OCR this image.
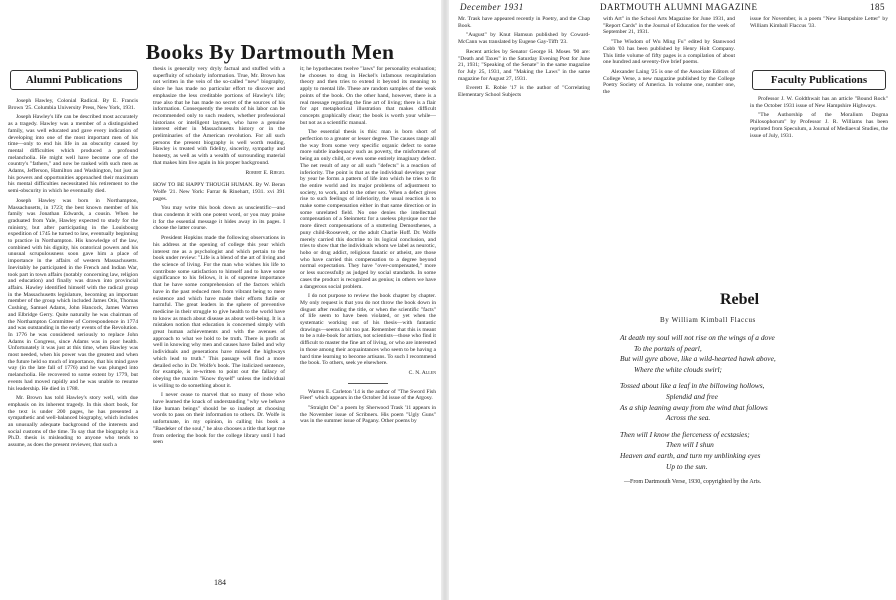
Books By Dartmouth Men
Alumni Publications

Joseph Hawley, Colonial Radical. By E. Francis Brown '25. Columbia University Press, New York, 1931.

Joseph Hawley's life can be described most accurately as a tragedy. Hawley was a member of a distinguished family, was well educated and gave every indication of developing into one of the most important men of his time—only to end his life in an obscurity caused by mental difficulties which produced a profound melancholia. He might well have become one of the country's "fathers," and now be ranked with such men as Adams, Jefferson, Hamilton and Washington, but just as his powers and opportunities approached their maximum his mental difficulties necessitated his retirement to the semi-obscurity in which he eventually died.

Joseph Hawley was born in Northampton, Massachusetts, in 1723; the best known member of his family was Jonathan Edwards, a cousin. When he graduated from Yale, Hawley expected to study for the ministry, but after participating in the Louisbourg expedition of 1745 he turned to law, eventually beginning to practice in Northampton. His knowledge of the law, combined with his dignity, his oratorical powers and his unusual scrupulousness soon gave him a place of importance in the affairs of western Massachusetts. Inevitably he participated in the French and Indian War, took part in town affairs (notably concerning law, religion and education) and finally was drawn into provincial affairs. Hawley identified himself with the radical group in the Massachusetts legislature, becoming an important member of the group which included James Otis, Thomas Cushing, Samuel Adams, John Hancock, James Warren and Elbridge Gerry. Quite naturally he was chairman of the Northampton Committee of Correspondence in 1774 and was outstanding in the early events of the Revolution. In 1776 he was considered seriously to replace John Adams in Congress, since Adams was in poor health. Unfortunately it was just at this time, when Hawley was most needed, when his power was the greatest and when the future held so much of importance, that his mind gave way (in the late fall of 1776) and he was plunged into melancholia. He recovered to some extent by 1779, but events had moved rapidly and he was unable to resume his leadership. He died in 1788.

Mr. Brown has told Hawley's story well, with due emphasis on its inherent tragedy. In this short book, for the text is under 200 pages, he has presented a sympathetic and well-balanced biography, which includes an unusually adequate background of the interests and social customs of the time. To say that the biography is a Ph.D. thesis is misleading to anyone who tends to assume, as does the present reviewer, that such a

thesis is generally very dryly factual and stuffed with a superfluity of scholarly information. True, Mr. Brown has not written in the vein of the so-called "new" biography, since he has made no particular effort to discover and emphasize the less creditable portions of Hawley's life; true also that he has made no secret of the sources of his information. Consequently the results of his labor can be recommended only to such readers, whether professional historians or intelligent laymen, who have a genuine interest either in Massachusetts history or in the preliminaries of the American revolution. For all such persons the present biography is well worth reading. Hawley is treated with fidelity, sincerity, sympathy and honesty, as well as with a wealth of surrounding material that makes him live again in his proper background.

Robert E. Riegel

HOW TO BE HAPPY THOUGH HUMAN. By W. Beran Wolfe '21. New York: Farrar & Rinehart, 1931. xvi 391 pages.

You may write this book down as unscientific—and thus condemn it with one potent word, or you may praise it for the essential message it hides away in its pages. I choose the latter course.

President Hopkins made the following observations in his address at the opening of college this year which interest me as a psychologist and which pertain to the book under review: "Life is a blend of the art of living and the science of living. For the man who wishes his life to contribute some satisfaction to himself and to have some significance to his fellows, it is of supreme importance that he have some comprehension of the factors which have in the past reduced men from vibrant being to mere existence and which have made their efforts futile or harmful. The great leaders in the sphere of preventive medicine in their struggle to give health to the world have to know as much about disease as about well-being. It is a mistaken notion that education is concerned simply with great human achievements and with the avenues of approach to what we hold to be truth. There is profit as well in knowing why men and causes have failed and why individuals and generations have missed the highways which lead to truth." This passage will find a more detailed echo in Dr. Wolfe's book. The italicized sentence, for example, is re-written to point out the fallacy of obeying the maxim "Know thyself" unless the individual is willing to do something about it.

I never cease to marvel that so many of those who have learned the knack of understanding "why we behave like human beings" should be so inadept at choosing words to pass on their information to others. Dr. Wolfe is unfortunate, in my opinion, in calling his book a "Baedeker of the soul," he also chooses a title that kept me from ordering the book for the college library until I had seen

it; he hypothecates twelve "laws" for personality evaluation; he chooses to drag in Heckel's infamous recapitulation theory and then tries to extend it beyond its meaning to apply to mental life. These are random samples of the weak points of the book. On the other hand, however, there is a real message regarding the fine art of living; there is a flair for apt metaphorical illustration that makes difficult concepts graphically clear; the book is worth your while—but not as a scientific manual.

The essential thesis is this: man is born short of perfection to a greater or lesser degree. The causes range all the way from some very specific organic defect to some more subtle inadequacy such as poverty, the misfortunes of being an only child, or even some entirely imaginary defect. The net result of any or all such "defects" is a reaction of inferiority. The point is that as the individual develops year by year he forms a pattern of life into which he tries to fit the entire world and its major problems of adjustment to society, to work, and to the other sex. When a defect gives rise to such feelings of inferiority, the usual reaction is to make some compensation either in that same direction or in some unrelated field. No one denies the intellectual compensation of a Steinmetz for a useless physique nor the more direct compensations of a stuttering Demosthenes, a puny child-Roosevelt, or the adult Charlie Hoff. Dr. Wolfe merely carried this doctrine to its logical conclusion, and tries to show that the individuals whom we label as neurotic, hobo or drug addict, religious fanatic or atheist, are those who have carried this compensation to a degree beyond normal expectation. They have "over-compensated," more or less successfully as judged by social standards. In some cases the product is recognized as genius; in others we have a dangerous social problem.

I do not purpose to review the book chapter by chapter. My only request is that you do not throw the book down in disgust after reading the title, or when the scientific "facts" of life seem to have been violated, or yet when the systematic working out of his thesis—with fantastic drawings—seems a bit too pat. Remember that this is meant to be a rule-book for artists, not scientists—those who find it difficult to master the fine art of living, or who are interested in those among their acquaintances who seem to be having a hard time learning to become artisans. To such I recommend the book. To others, seek ye elsewhere.

C. N. Allen

Warren E. Carleton '14 is the author of "The Sword Fish Fleet" which appears in the October 3d issue of the Argosy.

"Straight On" a poem by Sherwood Trask '11 appears in the November issue of Scribners. His poem "Ugly Guns" was in the summer issue of Pagany. Other poems by

184
December 1931	DARTMOUTH ALUMNI MAGAZINE	185

Mr. Trask have appeared recently in Poetry, and the Chap Book.

"August" by Knut Hamsun published by Coward-McCann was translated by Eugene Gay-Tifft '23.

Recent articles by Senator George H. Moses '90 are: "Death and Taxes" in the Saturday Evening Post for June 21, 1931; "Speaking of the Senate" in the same magazine for July 25, 1931, and "Making the Laws" in the same magazine for August 27, 1931.

Everett E. Robie '17 is the author of "Correlating Elementary School Subjects

with Art" in the School Arts Magazine for June 1931, and "Report Cards" in the Journal of Education for the week of September 21, 1931.

"The Wisdom of Wu Ming Fu" edited by Stanwood Cobb '03 has been published by Henry Holt Company. This little volume of fifty pages is a compilation of about one hundred and seventy-five brief poems.

Alexander Laing '25 is one of the Associate Editors of College Verse, a new magazine published by the College Poetry Society of America. In volume one, number one, the

issue for November, is a poem "New Hampshire Letter" by William Kimball Flaccus '33.

Faculty Publications

Professor J. W. Goldthwait has an article "Bound Rock" in the October 1931 issue of New Hampshire Highways.

"The Authorship of the Moralium Dogma Philosophorum" by Professor J. R. Williams has been reprinted from Speculum, a Journal of Mediaeval Studies, the issue of July, 1931.

Rebel
By William Kimball Flaccus
At death my soul will not rise on the wings of a dove
To the portals of pearl,
But will gyre above, like a wild-hearted hawk above,
Where the white clouds swirl;
Tossed about like a leaf in the billowing hollows,
Splendid and free
As a ship leaning away from the wind that follows
Across the sea.
Then will I know the fierceness of ecstasies;
Then will I shun
Heaven and earth, and turn my unblinking eyes
Up to the sun.
—From Dartmouth Verse, 1930, copyrighted by the Arts.
